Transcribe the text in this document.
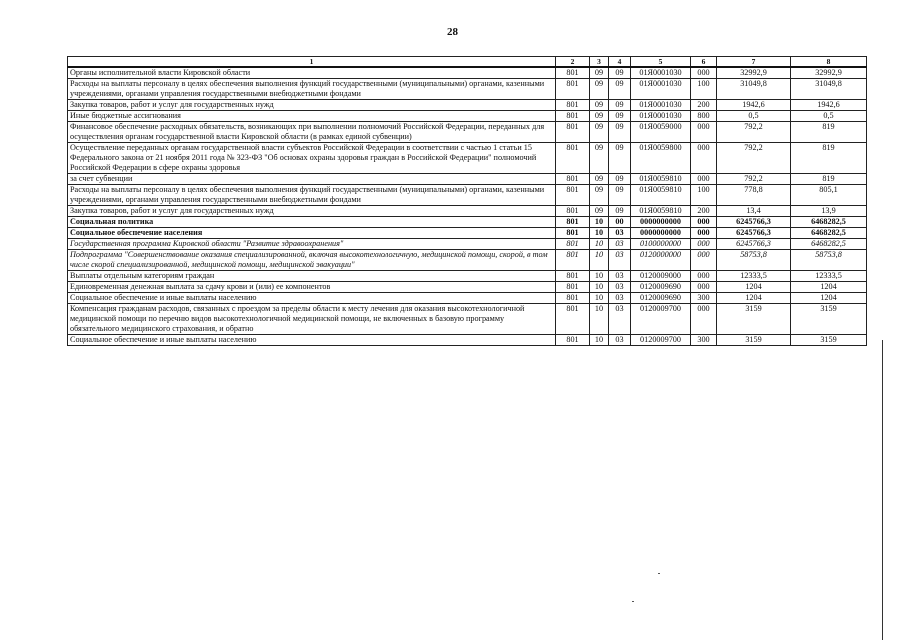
28
1	2	3	4	5	6	7	8
Органы исполнительной власти Кировской области	801	09	09	01Я0001030	000	32992,9	32992,9
Расходы на выплаты персоналу в целях обеспечения выполнения функций государственными (муниципальными) органами, казенными учреждениями, органами управления государственными внебюджетными фондами	801	09	09	01Я0001030	100	31049,8	31049,8
Закупка товаров, работ и услуг для государственных нужд	801	09	09	01Я0001030	200	1942,6	1942,6
Иные бюджетные ассигнования	801	09	09	01Я0001030	800	0,5	0,5
Финансовое обеспечение расходных обязательств, возникающих при выполнении полномочий Российской Федерации, переданных для осуществления органам государственной власти Кировской области (в рамках единой субвенции)	801	09	09	01Я0059000	000	792,2	819
Осуществление переданных органам государственной власти субъектов Российской Федерации в соответствии с частью 1 статьи 15 Федерального закона от 21 ноября 2011 года № 323-ФЗ "Об основах охраны здоровья граждан в Российской Федерации" полномочий Российской Федерации в сфере охраны здоровья	801	09	09	01Я0059800	000	792,2	819
за счет субвенции	801	09	09	01Я0059810	000	792,2	819
Расходы на выплаты персоналу в целях обеспечения выполнения функций государственными (муниципальными) органами, казенными учреждениями, органами управления государственными внебюджетными фондами	801	09	09	01Я0059810	100	778,8	805,1
Закупка товаров, работ и услуг для государственных нужд	801	09	09	01Я0059810	200	13,4	13,9
Социальная политика	801	10	00	0000000000	000	6245766,3	6468282,5
Социальное обеспечение населения	801	10	03	0000000000	000	6245766,3	6468282,5
Государственная программа Кировской области "Развитие здравоохранения"	801	10	03	0100000000	000	6245766,3	6468282,5
Подпрограмма "Совершенствование оказания специализированной, включая высокотехнологичную, медицинской помощи, скорой, в том числе скорой специализированной, медицинской помощи, медицинской эвакуации"	801	10	03	0120000000	000	58753,8	58753,8
Выплаты отдельным категориям граждан	801	10	03	0120009000	000	12333,5	12333,5
Единовременная денежная выплата за сдачу крови и (или) ее компонентов	801	10	03	0120009690	000	1204	1204
Социальное обеспечение и иные выплаты населению	801	10	03	0120009690	300	1204	1204
Компенсация гражданам расходов, связанных с проездом за пределы области к месту лечения для оказания высокотехнологичной медицинской помощи по перечню видов высокотехнологичной медицинской помощи, не включенных в базовую программу обязательного медицинского страхования, и обратно	801	10	03	0120009700	000	3159	3159
Социальное обеспечение и иные выплаты населению	801	10	03	0120009700	300	3159	3159
